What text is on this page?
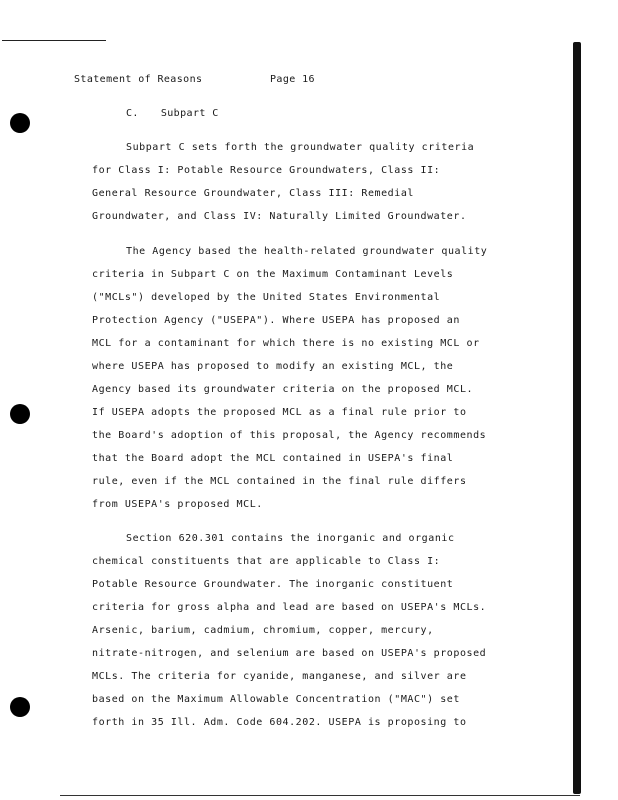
Statement of Reasons	Page 16
C. Subpart C
Subpart C sets forth the groundwater quality criteria
for Class I: Potable Resource Groundwaters, Class II:
General Resource Groundwater, Class III: Remedial
Groundwater, and Class IV: Naturally Limited Groundwater.
The Agency based the health-related groundwater quality
criteria in Subpart C on the Maximum Contaminant Levels
("MCLs") developed by the United States Environmental
Protection Agency ("USEPA"). Where USEPA has proposed an
MCL for a contaminant for which there is no existing MCL or
where USEPA has proposed to modify an existing MCL, the
Agency based its groundwater criteria on the proposed MCL.
If USEPA adopts the proposed MCL as a final rule prior to
the Board's adoption of this proposal, the Agency recommends
that the Board adopt the MCL contained in USEPA's final
rule, even if the MCL contained in the final rule differs
from USEPA's proposed MCL.
Section 620.301 contains the inorganic and organic
chemical constituents that are applicable to Class I:
Potable Resource Groundwater. The inorganic constituent
criteria for gross alpha and lead are based on USEPA's MCLs.
Arsenic, barium, cadmium, chromium, copper, mercury,
nitrate-nitrogen, and selenium are based on USEPA's proposed
MCLs. The criteria for cyanide, manganese, and silver are
based on the Maximum Allowable Concentration ("MAC") set
forth in 35 Ill. Adm. Code 604.202. USEPA is proposing to
